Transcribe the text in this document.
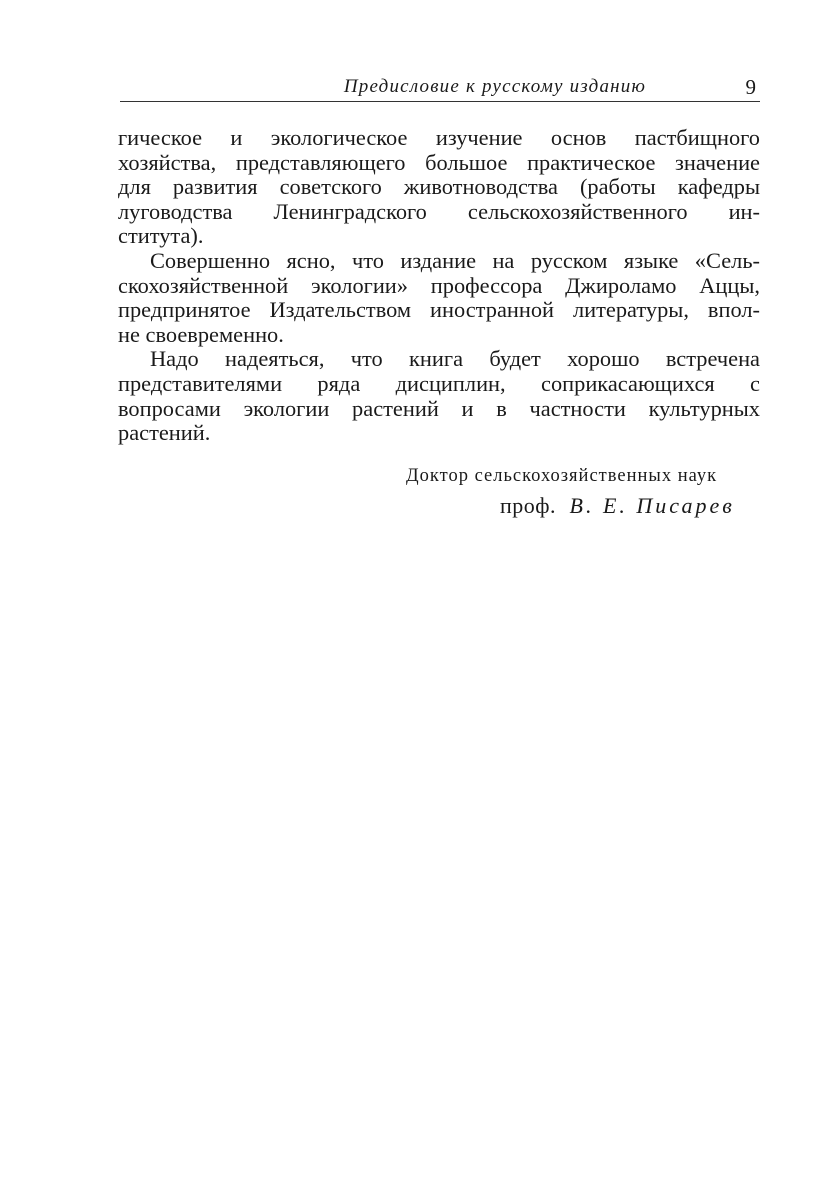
Предисловие к русскому изданию	9
гическое и экологическое изучение основ пастбищного
хозяйства, представляющего большое практическое значение
для развития советского животноводства (работы кафедры
луговодства Ленинградского сельскохозяйственного ин-
ститута).
Совершенно ясно, что издание на русском языке «Сель-
скохозяйственной экологии» профессора Джироламо Аццы,
предпринятое Издательством иностранной литературы, впол-
не своевременно.
Надо надеяться, что книга будет хорошо встречена
представителями ряда дисциплин, соприкасающихся с
вопросами экологии растений и в частности культурных
растений.
Доктор сельскохозяйственных наук
проф. В. Е. Писарев
